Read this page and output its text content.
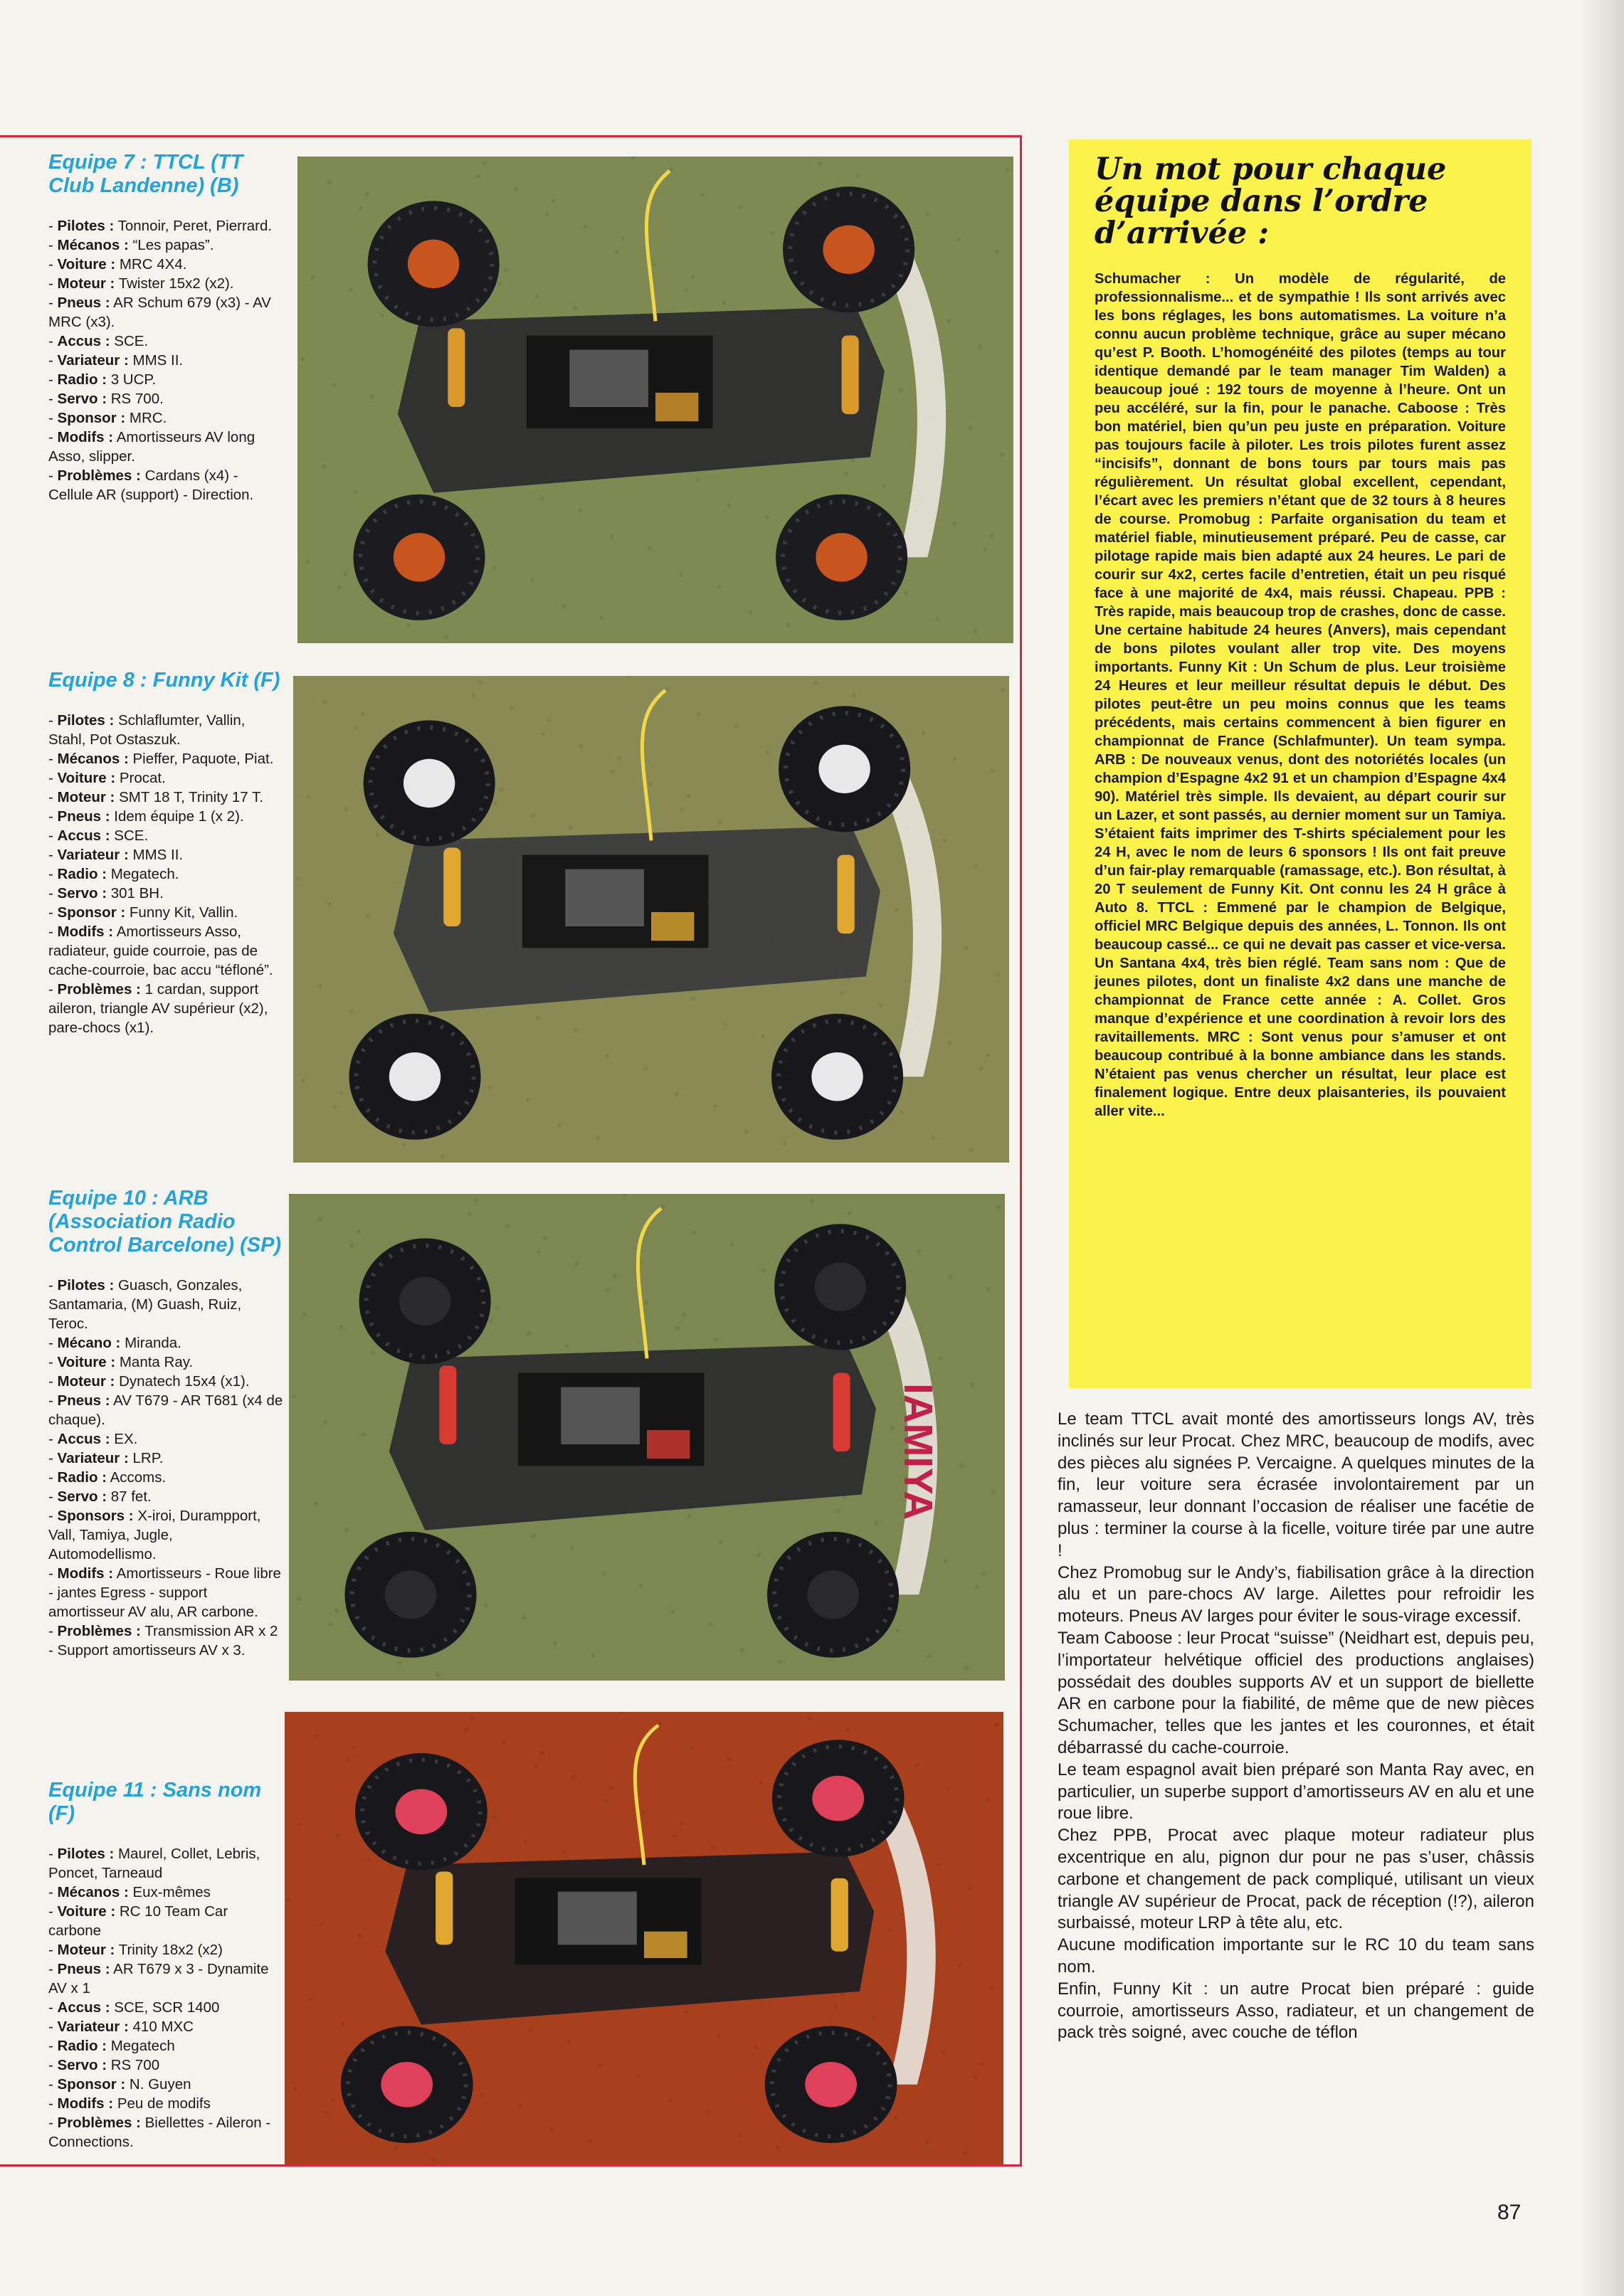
Equipe 7 : TTCL (TT Club Landenne) (B)
- Pilotes : Tonnoir, Peret, Pierrard.
- Mécanos : “Les papas”.
- Voiture : MRC 4X4.
- Moteur : Twister 15x2 (x2).
- Pneus : AR Schum 679 (x3) - AV MRC (x3).
- Accus : SCE.
- Variateur : MMS II.
- Radio : 3 UCP.
- Servo : RS 700.
- Sponsor : MRC.
- Modifs : Amortisseurs AV long Asso, slipper.
- Problèmes : Cardans (x4) - Cellule AR (support) - Direction.
Equipe 8 : Funny Kit (F)
- Pilotes : Schlaflumter, Vallin, Stahl, Pot Ostaszuk.
- Mécanos : Pieffer, Paquote, Piat.
- Voiture : Procat.
- Moteur : SMT 18 T, Trinity 17 T.
- Pneus : Idem équipe 1 (x 2).
- Accus : SCE.
- Variateur : MMS II.
- Radio : Megatech.
- Servo : 301 BH.
- Sponsor : Funny Kit, Vallin.
- Modifs : Amortisseurs Asso, radiateur, guide courroie, pas de cache-courroie, bac accu “téfloné”.
- Problèmes : 1 cardan, support aileron, triangle AV supérieur (x2), pare-chocs (x1).
Equipe 10 : ARB (Association Radio Control Barcelone) (SP)
- Pilotes : Guasch, Gonzales, Santamaria, (M) Guash, Ruiz, Teroc.
- Mécano : Miranda.
- Voiture : Manta Ray.
- Moteur : Dynatech 15x4 (x1).
- Pneus : AV T679 - AR T681 (x4 de chaque).
- Accus : EX.
- Variateur : LRP.
- Radio : Accoms.
- Servo : 87 fet.
- Sponsors : X-iroi, Durampport, Vall, Tamiya, Jugle, Automodellismo.
- Modifs : Amortisseurs - Roue libre - jantes Egress - support amortisseur AV alu, AR carbone.
- Problèmes : Transmission AR x 2 - Support amortisseurs AV x 3.
Equipe 11 : Sans nom (F)
- Pilotes : Maurel, Collet, Lebris, Poncet, Tarneaud
- Mécanos : Eux-mêmes
- Voiture : RC 10 Team Car carbone
- Moteur : Trinity 18x2 (x2)
- Pneus : AR T679 x 3 - Dynamite AV x 1
- Accus : SCE, SCR 1400
- Variateur : 410 MXC
- Radio : Megatech
- Servo : RS 700
- Sponsor : N. Guyen
- Modifs : Peu de modifs
- Problèmes : Biellettes - Aileron - Connections.
IAMIYA
Un mot pour chaque équipe dans l’ordre d’arrivée :

Schumacher : Un modèle de régularité, de professionnalisme... et de sympathie ! Ils sont arrivés avec les bons réglages, les bons automatismes. La voiture n’a connu aucun problème technique, grâce au super mécano qu’est P. Booth. L’homogénéité des pilotes (temps au tour identique demandé par le team manager Tim Walden) a beaucoup joué : 192 tours de moyenne à l’heure. Ont un peu accéléré, sur la fin, pour le panache. Caboose : Très bon matériel, bien qu’un peu juste en préparation. Voiture pas toujours facile à piloter. Les trois pilotes furent assez “incisifs”, donnant de bons tours par tours mais pas régulièrement. Un résultat global excellent, cependant, l’écart avec les premiers n’étant que de 32 tours à 8 heures de course. Promobug : Parfaite organisation du team et matériel fiable, minutieusement préparé. Peu de casse, car pilotage rapide mais bien adapté aux 24 heures. Le pari de courir sur 4x2, certes facile d’entretien, était un peu risqué face à une majorité de 4x4, mais réussi. Chapeau. PPB : Très rapide, mais beaucoup trop de crashes, donc de casse. Une certaine habitude 24 heures (Anvers), mais cependant de bons pilotes voulant aller trop vite. Des moyens importants. Funny Kit : Un Schum de plus. Leur troisième 24 Heures et leur meilleur résultat depuis le début. Des pilotes peut-être un peu moins connus que les teams précédents, mais certains commencent à bien figurer en championnat de France (Schlafmunter). Un team sympa. ARB : De nouveaux venus, dont des notoriétés locales (un champion d’Espagne 4x2 91 et un champion d’Espagne 4x4 90). Matériel très simple. Ils devaient, au départ courir sur un Lazer, et sont passés, au dernier moment sur un Tamiya. S’étaient faits imprimer des T-shirts spécialement pour les 24 H, avec le nom de leurs 6 sponsors ! Ils ont fait preuve d’un fair-play remarquable (ramassage, etc.). Bon résultat, à 20 T seulement de Funny Kit. Ont connu les 24 H grâce à Auto 8. TTCL : Emmené par le champion de Belgique, officiel MRC Belgique depuis des années, L. Tonnon. Ils ont beaucoup cassé... ce qui ne devait pas casser et vice-versa. Un Santana 4x4, très bien réglé. Team sans nom : Que de jeunes pilotes, dont un finaliste 4x2 dans une manche de championnat de France cette année : A. Collet. Gros manque d’expérience et une coordination à revoir lors des ravitaillements. MRC : Sont venus pour s’amuser et ont beaucoup contribué à la bonne ambiance dans les stands. N’étaient pas venus chercher un résultat, leur place est finalement logique. Entre deux plaisanteries, ils pouvaient aller vite...

Le team TTCL avait monté des amortisseurs longs AV, très inclinés sur leur Procat. Chez MRC, beaucoup de modifs, avec des pièces alu signées P. Vercaigne. A quelques minutes de la fin, leur voiture sera écrasée involontairement par un ramasseur, leur donnant l’occasion de réaliser une facétie de plus : terminer la course à la ficelle, voiture tirée par une autre !

Chez Promobug sur le Andy’s, fiabilisation grâce à la direction alu et un pare-chocs AV large. Ailettes pour refroidir les moteurs. Pneus AV larges pour éviter le sous-virage excessif.

Team Caboose : leur Procat “suisse” (Neidhart est, depuis peu, l’importateur helvétique officiel des productions anglaises) possédait des doubles supports AV et un support de biellette AR en carbone pour la fiabilité, de même que de new pièces Schumacher, telles que les jantes et les couronnes, et était débarrassé du cache-courroie.

Le team espagnol avait bien préparé son Manta Ray avec, en particulier, un superbe support d’amortisseurs AV en alu et une roue libre.

Chez PPB, Procat avec plaque moteur radiateur plus excentrique en alu, pignon dur pour ne pas s’user, châssis carbone et changement de pack compliqué, utilisant un vieux triangle AV supérieur de Procat, pack de réception (!?), aileron surbaissé, moteur LRP à tête alu, etc.

Aucune modification importante sur le RC 10 du team sans nom.

Enfin, Funny Kit : un autre Procat bien préparé : guide courroie, amortisseurs Asso, radiateur, et un changement de pack très soigné, avec couche de téflon

87
